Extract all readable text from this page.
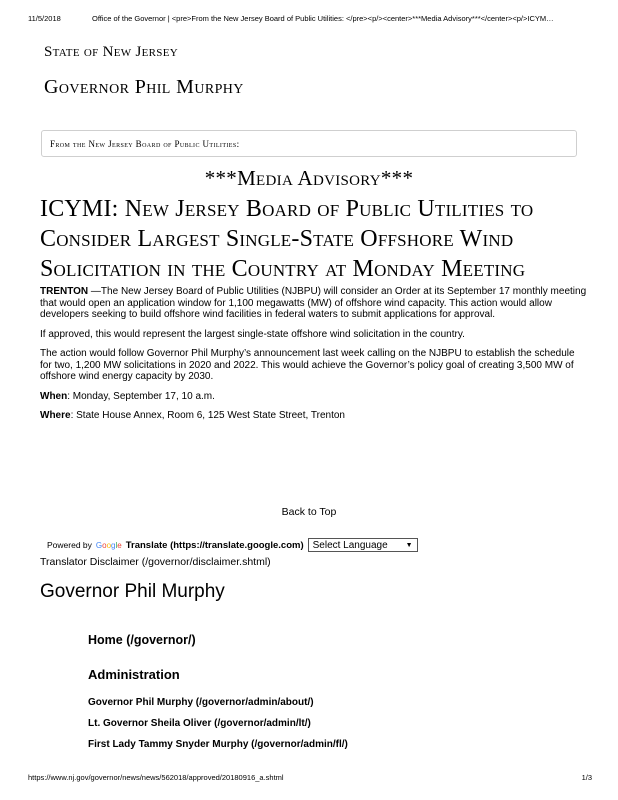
11/5/2018	Office of the Governor | <pre>From the New Jersey Board of Public Utilities: </pre><p/><center>***Media Advisory***</center><p/>ICYM…
State of New Jersey
Governor Phil Murphy
From the New Jersey Board of Public Utilities:
***Media Advisory***
ICYMI: New Jersey Board of Public Utilities to Consider Largest Single-State Offshore Wind Solicitation in the Country at Monday Meeting

TRENTON —The New Jersey Board of Public Utilities (NJBPU) will consider an Order at its September 17 monthly meeting that would open an application window for 1,100 megawatts (MW) of offshore wind capacity. This action would allow developers seeking to build offshore wind facilities in federal waters to submit applications for approval.

If approved, this would represent the largest single-state offshore wind solicitation in the country.

The action would follow Governor Phil Murphy’s announcement last week calling on the NJBPU to establish the schedule for two, 1,200 MW solicitations in 2020 and 2022. This would achieve the Governor’s policy goal of creating 3,500 MW of offshore wind energy capacity by 2030.

When: Monday, September 17, 10 a.m.

Where: State House Annex, Room 6, 125 West State Street, Trenton

Back to Top
Powered by Google Translate (https://translate.google.com) Select Language	▼
Translator Disclaimer (/governor/disclaimer.shtml)
Governor Phil Murphy
Home (/governor/)
Administration
Governor Phil Murphy (/governor/admin/about/)
Lt. Governor Sheila Oliver (/governor/admin/lt/)
First Lady Tammy Snyder Murphy (/governor/admin/fl/)
https://www.nj.gov/governor/news/news/562018/approved/20180916_a.shtml	1/3
